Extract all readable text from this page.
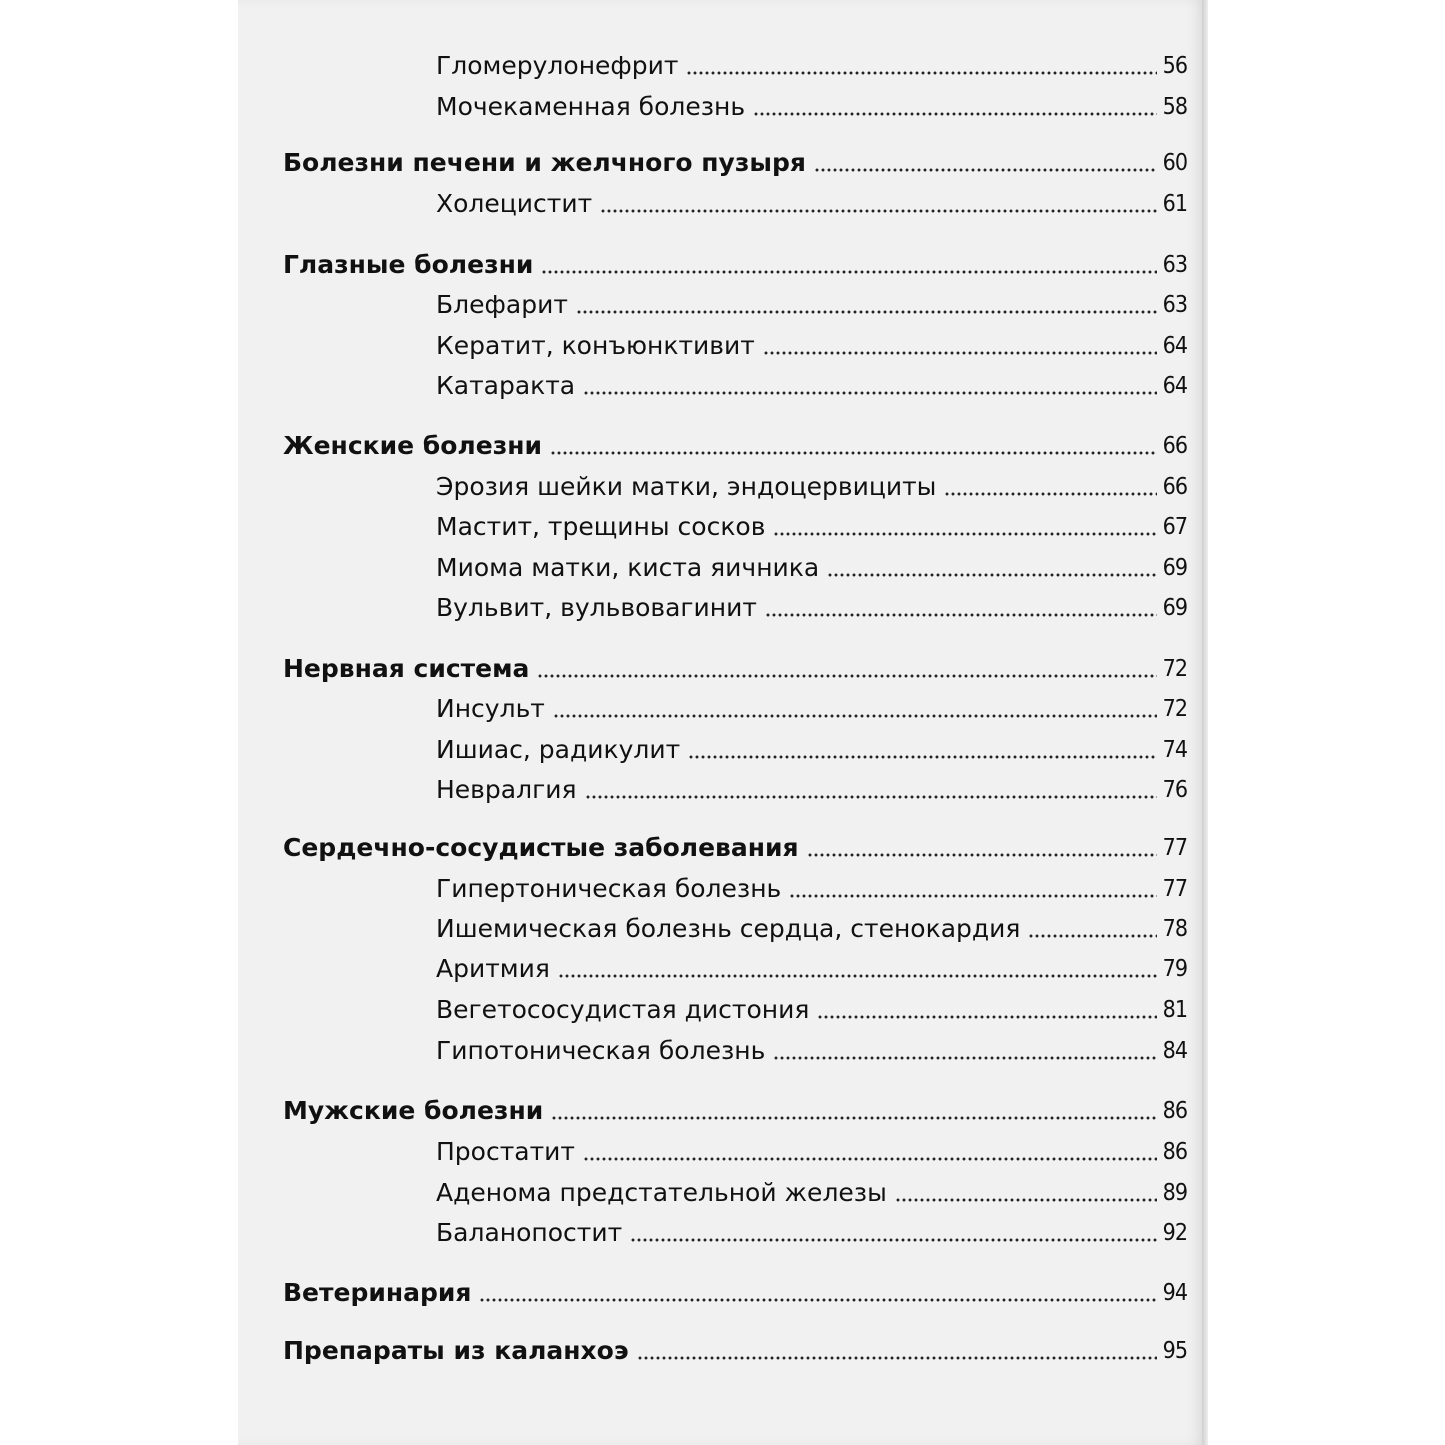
Гломерулонефрит	56
Мочекаменная болезнь	58
Болезни печени и желчного пузыря	60
Холецистит	61
Глазные болезни	63
Блефарит	63
Кератит, конъюнктивит	64
Катаракта	64
Женские болезни	66
Эрозия шейки матки, эндоцервициты	66
Мастит, трещины сосков	67
Миома матки, киста яичника	69
Вульвит, вульвовагинит	69
Нервная система	72
Инсульт	72
Ишиас, радикулит	74
Невралгия	76
Сердечно-сосудистые заболевания	77
Гипертоническая болезнь	77
Ишемическая болезнь сердца, стенокардия	78
Аритмия	79
Вегетососудистая дистония	81
Гипотоническая болезнь	84
Мужские болезни	86
Простатит	86
Аденома предстательной железы	89
Баланопостит	92
Ветеринария	94
Препараты из каланхоэ	95
